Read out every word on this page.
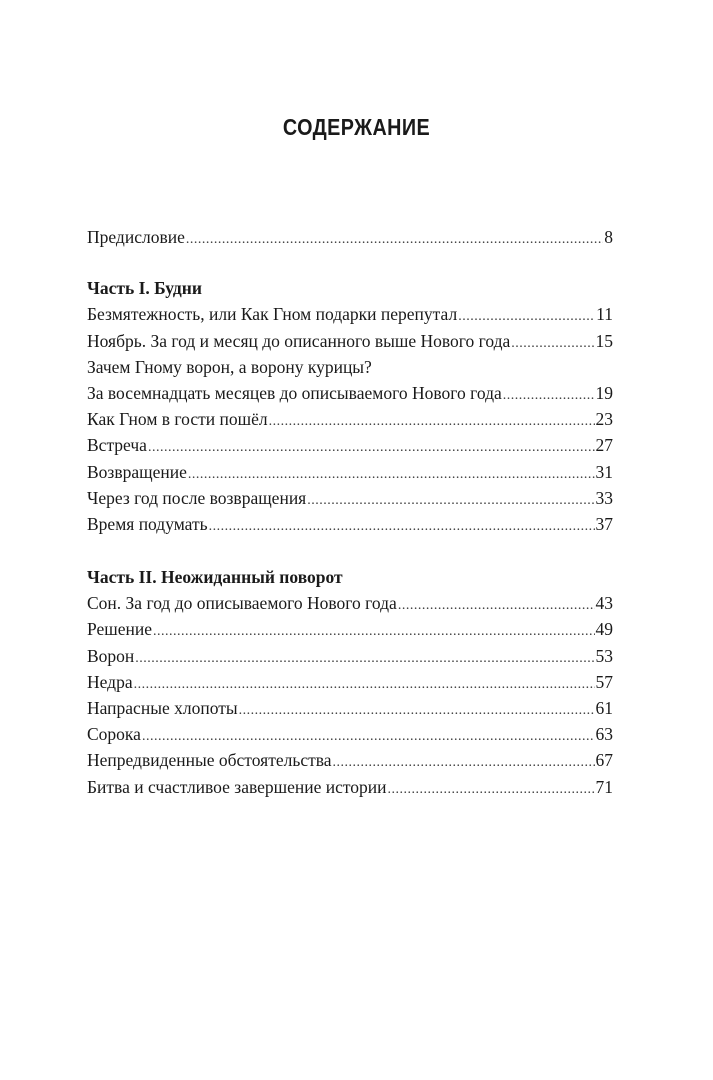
СОДЕРЖАНИЕ
Предисловие .....	8
Часть I. Будни
Безмятежность, или Как Гном подарки перепутал .....	11
Ноябрь. За год и месяц до описанного выше Нового года .....	15
Зачем Гному ворон, а ворону курицы?
За восемнадцать месяцев до описываемого Нового года .....	19
Как Гном в гости пошёл .....	23
Встреча .....	27
Возвращение .....	31
Через год после возвращения .....	33
Время подумать .....	37
Часть II. Неожиданный поворот
Сон. За год до описываемого Нового года .....	43
Решение .....	49
Ворон .....	53
Недра .....	57
Напрасные хлопоты .....	61
Сорока .....	63
Непредвиденные обстоятельства .....	67
Битва и счастливое завершение истории .....	71
